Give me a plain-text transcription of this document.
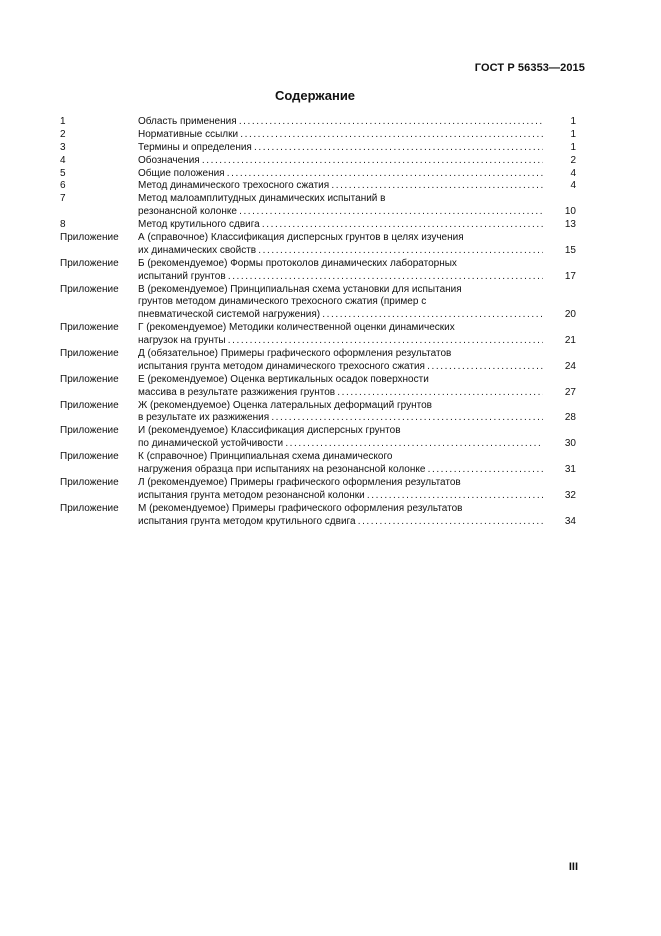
ГОСТ Р 56353—2015
Содержание
1	Область применения . . .	1
2	Нормативные ссылки . . .	1
3	Термины и определения . . .	1
4	Обозначения . . .	2
5	Общие положения . . .	4
6	Метод динамического трехосного сжатия . . .	4
7	Метод малоамплитудных динамических испытаний в
резонансной колонке . . .	10
8	Метод крутильного сдвига . . .	13
Приложение	А (справочное) Классификация дисперсных грунтов в целях изучения
их динамических свойств . . .	15
Приложение	Б (рекомендуемое) Формы протоколов динамических лабораторных
испытаний грунтов . . .	17
Приложение	В (рекомендуемое) Принципиальная схема установки для испытания
грунтов методом динамического трехосного сжатия (пример с
пневматической системой нагружения) . . .	20
Приложение	Г (рекомендуемое) Методики количественной оценки динамических
нагрузок на грунты . . .	21
Приложение	Д (обязательное) Примеры графического оформления результатов
испытания грунта методом динамического трехосного сжатия . . .	24
Приложение	Е (рекомендуемое) Оценка вертикальных осадок поверхности
массива в результате разжижения грунтов . . .	27
Приложение	Ж (рекомендуемое) Оценка латеральных деформаций грунтов
в результате их разжижения . . .	28
Приложение	И (рекомендуемое) Классификация дисперсных грунтов
по динамической устойчивости . . .	30
Приложение	К (справочное) Принципиальная схема динамического
нагружения образца при испытаниях на резонансной колонке . . .	31
Приложение	Л (рекомендуемое) Примеры графического оформления результатов
испытания грунта методом резонансной колонки . . .	32
Приложение	М (рекомендуемое) Примеры графического оформления результатов
испытания грунта методом крутильного сдвига . . .	34
III
